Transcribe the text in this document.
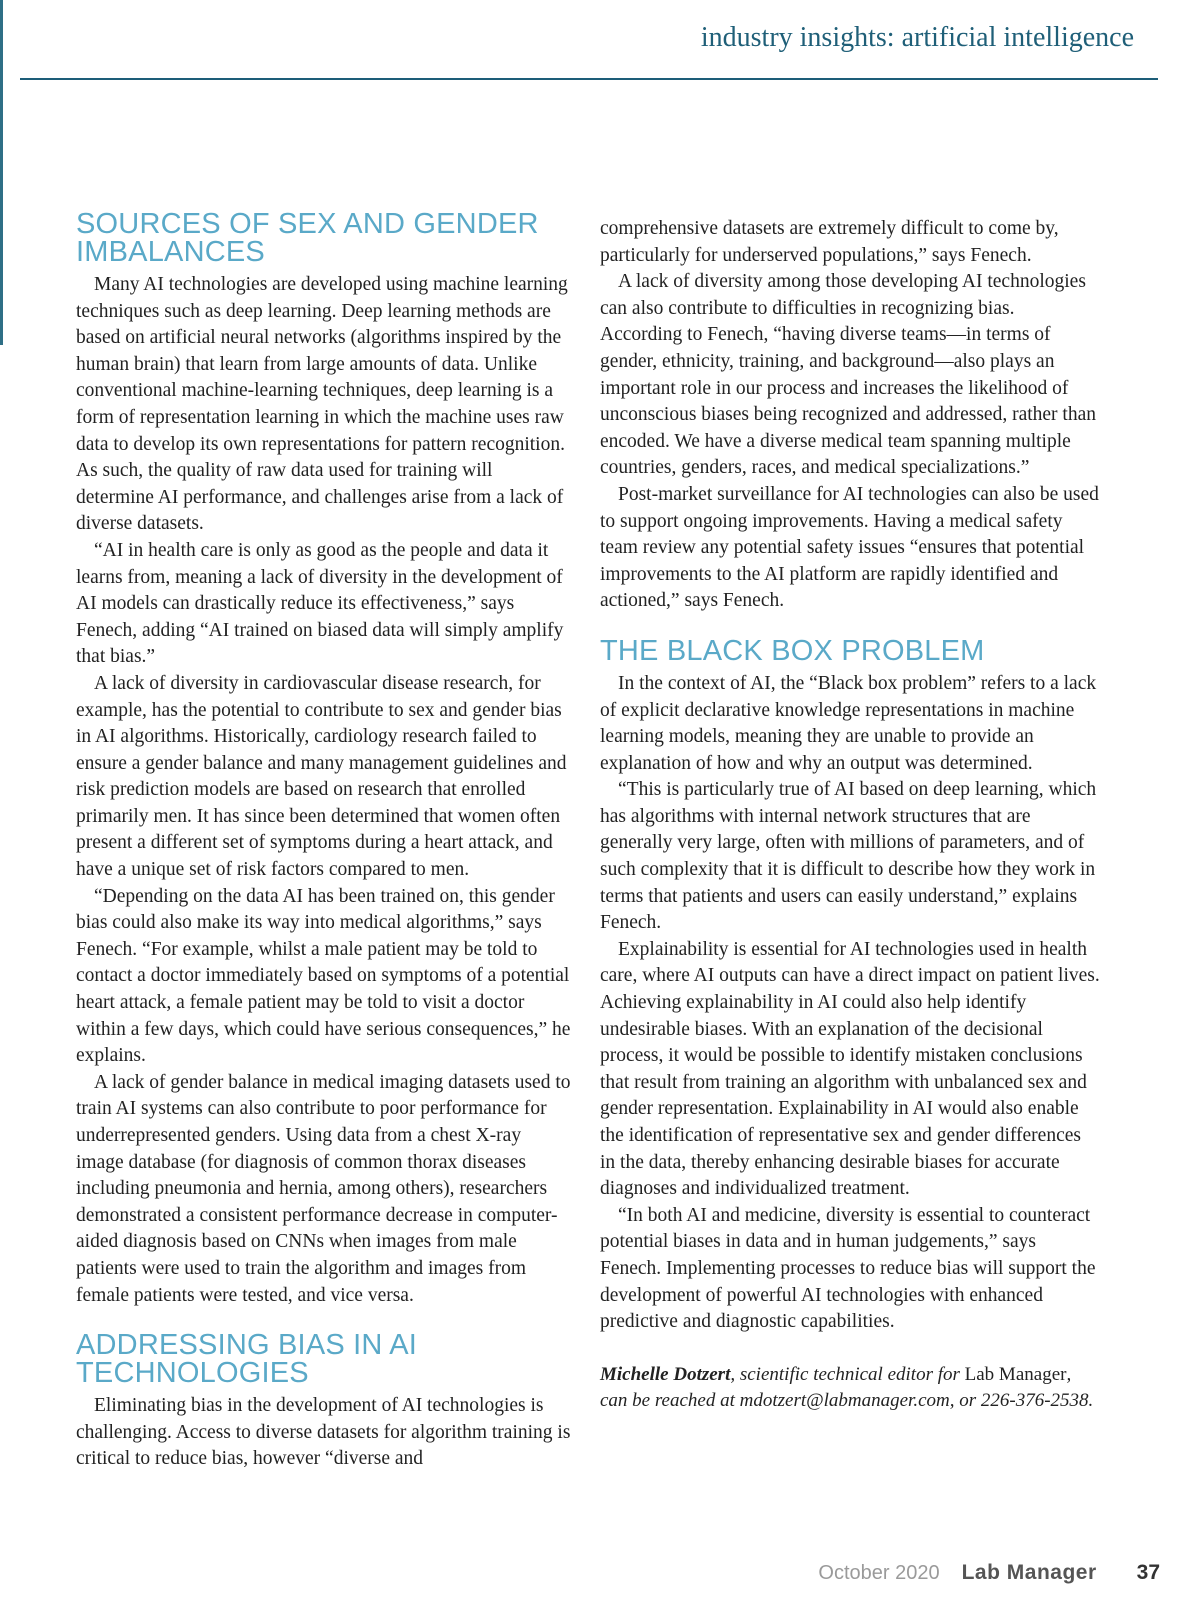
industry insights: artificial intelligence
SOURCES OF SEX AND GENDER IMBALANCES

Many AI technologies are developed using machine learning techniques such as deep learning. Deep learning methods are based on artificial neural networks (algorithms inspired by the human brain) that learn from large amounts of data. Unlike conventional machine-learning techniques, deep learning is a form of representation learning in which the machine uses raw data to develop its own representations for pattern recognition. As such, the quality of raw data used for training will determine AI performance, and challenges arise from a lack of diverse datasets.

“AI in health care is only as good as the people and data it learns from, meaning a lack of diversity in the development of AI models can drastically reduce its effectiveness,” says Fenech, adding “AI trained on biased data will simply amplify that bias.”

A lack of diversity in cardiovascular disease research, for example, has the potential to contribute to sex and gender bias in AI algorithms. Historically, cardiology research failed to ensure a gender balance and many management guidelines and risk prediction models are based on research that enrolled primarily men. It has since been determined that women often present a different set of symptoms during a heart attack, and have a unique set of risk factors compared to men.

“Depending on the data AI has been trained on, this gender bias could also make its way into medical algorithms,” says Fenech. “For example, whilst a male patient may be told to contact a doctor immediately based on symptoms of a potential heart attack, a female patient may be told to visit a doctor within a few days, which could have serious consequences,” he explains.

A lack of gender balance in medical imaging datasets used to train AI systems can also contribute to poor performance for underrepresented genders. Using data from a chest X-ray image database (for diagnosis of common thorax diseases including pneumonia and hernia, among others), researchers demonstrated a consistent performance decrease in computer-aided diagnosis based on CNNs when images from male patients were used to train the algorithm and images from female patients were tested, and vice versa.

ADDRESSING BIAS IN AI TECHNOLOGIES

Eliminating bias in the development of AI technologies is challenging. Access to diverse datasets for algorithm training is critical to reduce bias, however “diverse and

comprehensive datasets are extremely difficult to come by, particularly for underserved populations,” says Fenech.

A lack of diversity among those developing AI technologies can also contribute to difficulties in recognizing bias. According to Fenech, “having diverse teams—in terms of gender, ethnicity, training, and background—also plays an important role in our process and increases the likelihood of unconscious biases being recognized and addressed, rather than encoded. We have a diverse medical team spanning multiple countries, genders, races, and medical specializations.”

Post-market surveillance for AI technologies can also be used to support ongoing improvements. Having a medical safety team review any potential safety issues “ensures that potential improvements to the AI platform are rapidly identified and actioned,” says Fenech.

THE BLACK BOX PROBLEM

In the context of AI, the “Black box problem” refers to a lack of explicit declarative knowledge representations in machine learning models, meaning they are unable to provide an explanation of how and why an output was determined.

“This is particularly true of AI based on deep learning, which has algorithms with internal network structures that are generally very large, often with millions of parameters, and of such complexity that it is difficult to describe how they work in terms that patients and users can easily understand,” explains Fenech.

Explainability is essential for AI technologies used in health care, where AI outputs can have a direct impact on patient lives. Achieving explainability in AI could also help identify undesirable biases. With an explanation of the decisional process, it would be possible to identify mistaken conclusions that result from training an algorithm with unbalanced sex and gender representation. Explainability in AI would also enable the identification of representative sex and gender differences in the data, thereby enhancing desirable biases for accurate diagnoses and individualized treatment.

“In both AI and medicine, diversity is essential to counteract potential biases in data and in human judgements,” says Fenech. Implementing processes to reduce bias will support the development of powerful AI technologies with enhanced predictive and diagnostic capabilities.

Michelle Dotzert, scientific technical editor for Lab Manager,
can be reached at mdotzert@labmanager.com, or 226-376-2538.
October 2020 Lab Manager 37
